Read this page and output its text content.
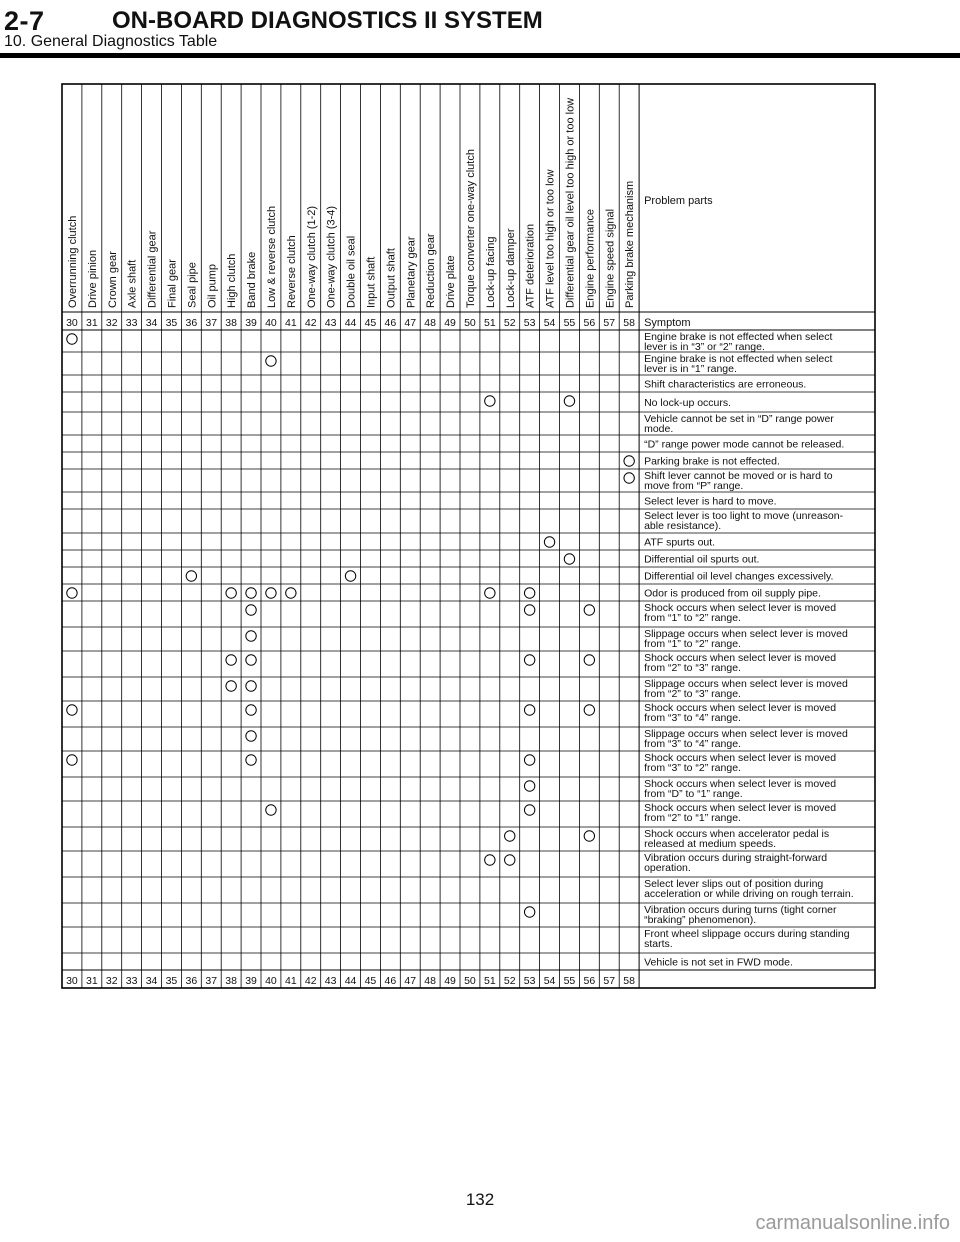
2-7	ON-BOARD DIAGNOSTICS II SYSTEM
10. General Diagnostics Table
Overrunning clutch Drive pinion Crown gear Axle shaft Differential gear Final gear Seal pipe Oil pump High clutch Band brake Low & reverse clutch Reverse clutch One-way clutch (1-2) One-way clutch (3-4) Double oil seal Input shaft Output shaft Planetary gear Reduction gear Drive plate Torque converter one-way clutch Lock-up facing Lock-up damper ATF deterioration ATF level too high or too low Differential gear oil level too high or too low Engine performance Engine speed signal Parking brake mechanism Problem parts
30
30
31
31
32
32
33
33
34
34
35
35
36
36
37
37
38
38
39
39
40
40
41
41
42
42
43
43
44
44
45
45
46
46
47
47
48
48
49
49
50
50
51
51
52
52
53
53
54
54
55
55
56
56
57
57
58
58
Symptom
Engine brake is not effected when select
lever is in “3” or “2” range.
Engine brake is not effected when select
lever is in “1” range.
Shift characteristics are erroneous.
No lock-up occurs.
Vehicle cannot be set in “D” range power
mode.
“D” range power mode cannot be released.
Parking brake is not effected.
Shift lever cannot be moved or is hard to
move from “P” range.
Select lever is hard to move.
Select lever is too light to move (unreason-
able resistance).
ATF spurts out.
Differential oil spurts out.
Differential oil level changes excessively.
Odor is produced from oil supply pipe.
Shock occurs when select lever is moved
from “1” to “2” range.
Slippage occurs when select lever is moved
from “1” to “2” range.
Shock occurs when select lever is moved
from “2” to “3” range.
Slippage occurs when select lever is moved
from “2” to “3” range.
Shock occurs when select lever is moved
from “3” to “4” range.
Slippage occurs when select lever is moved
from “3” to “4” range.
Shock occurs when select lever is moved
from “3” to “2” range.
Shock occurs when select lever is moved
from “D” to “1” range.
Shock occurs when select lever is moved
from “2” to “1” range.
Shock occurs when accelerator pedal is
released at medium speeds.
Vibration occurs during straight-forward
operation.
Select lever slips out of position during
acceleration or while driving on rough terrain.
Vibration occurs during turns (tight corner
“braking” phenomenon).
Front wheel slippage occurs during standing
starts.
Vehicle is not set in FWD mode.
132
carmanualsonline.info
